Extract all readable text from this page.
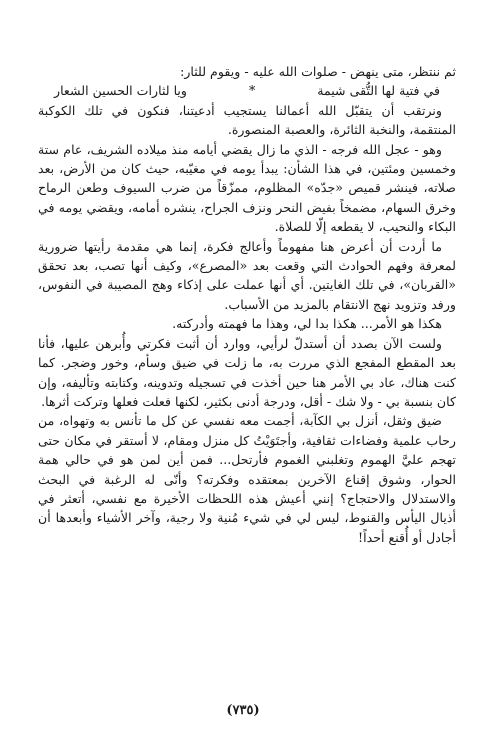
ثم ننتظر، متى ينهض - صلوات الله عليه - ويقوم للثار:

في فتية لها التُّقى شيمة
*
ويا لثارات الحسين الشعار

ونرتقب أن يتقبّل الله أعمالنا يستجيب أدعيتنا، فنكون في تلك الكوكبة المنتقمة، والنخبة الثائرة، والعصبة المنصورة.

وهو - عجل الله فرجه - الذي ما زال يقضي أيامه منذ ميلاده الشريف، عام ستة وخمسين ومئتين، في هذا الشأن: يبدأ يومه في مغيّبه، حيث كان من الأرض، بعد صلاته، فينشر قميص «جدّه» المظلوم، ممزّقاً من ضرب السيوف وطعن الرماح وخرق السهام، مضمخاً بفيض النحر ونزف الجراح، ينشره أمامه، ويقضي يومه في البكاء والنحيب، لا يقطعه إلّا للصلاة.

ما أردت أن أعرض هنا مفهوماً وأعالج فكرة، إنما هي مقدمة رأيتها ضرورية لمعرفة وفهم الحوادث التي وقعت بعد «المصرع»، وكيف أنها تصب، بعد تحقق «القربان»، في تلك الغايتين. أي أنها عملت على إذكاء وهج المصيبة في النفوس، ورفد وتزويد نهج الانتقام بالمزيد من الأسباب.

هكذا هو الأمر... هكذا بدا لي، وهذا ما فهمته وأدركته.

ولست الآن بصدد أن أستدلّ لرأيي، ووارد أن أثبت فكرتي وأُبرهن عليها، فأنا بعد المقطع المفجع الذي مررت به، ما زلت في ضيق وسأم، وخور وضجر. كما كنت هناك، عاد بي الأمر هنا حين أخذت في تسجيله وتدوينه، وكتابته وتأليفه، وإن كان بنسبة بي - ولا شك - أقل، ودرجة أدنى بكثير، لكنها فعلت فعلها وتركت أثرها.

ضيق وثقل، أنزل بي الكآبة، أجمت معه نفسي عن كل ما تأنس به وتهواه، من رحاب علمية وفضاءات ثقافية، وأجتَوَيْتُ كل منزل ومقام، لا أستقر في مكان حتى تهجم عليَّ الهموم وتغلبني الغموم فأرتحل... فمن أين لمن هو في حالي همة الحوار، وشوق إقناع الآخرين بمعتقده وفكرته؟ وأنّى له الرغبة في البحث والاستدلال والاحتجاج؟ إنني أعيش هذه اللحظات الأخيرة مع نفسي، أتعثر في أذيال اليأس والقنوط، ليس لي في شيء مُنية ولا رجية، وآخر الأشياء وأبعدها أن أجادل أو أُقنع أحداً!

(٧٣٥)
